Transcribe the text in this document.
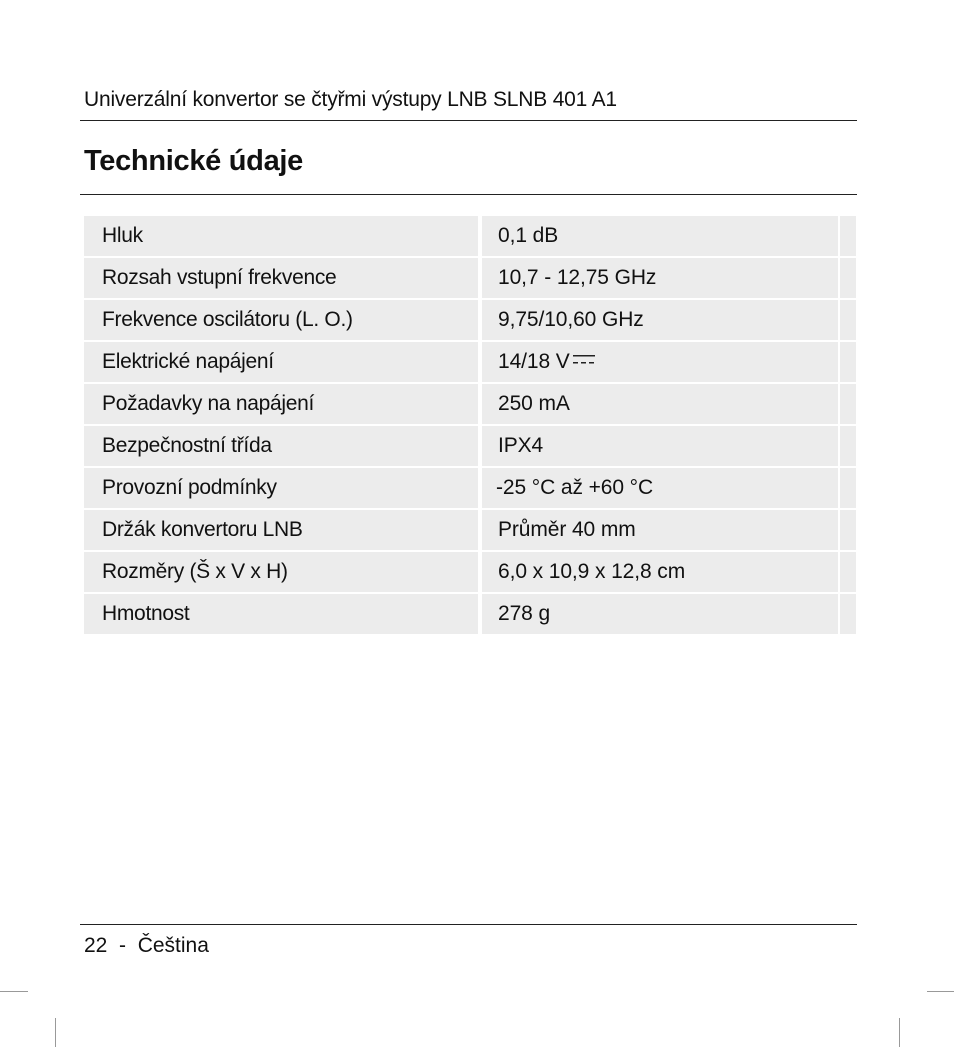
Univerzální konvertor se čtyřmi výstupy LNB SLNB 401 A1
Technické údaje
Hluk	0,1 dB
Rozsah vstupní frekvence	10,7 - 12,75 GHz
Frekvence oscilátoru (L. O.)	9,75/10,60 GHz
Elektrické napájení	14/18 V
Požadavky na napájení	250 mA
Bezpečnostní třída	IPX4
Provozní podmínky	-25 °C až +60 °C
Držák konvertoru LNB	Průměr 40 mm
Rozměry (Š x V x H)	6,0 x 10,9 x 12,8 cm
Hmotnost	278 g
22  -  Čeština
